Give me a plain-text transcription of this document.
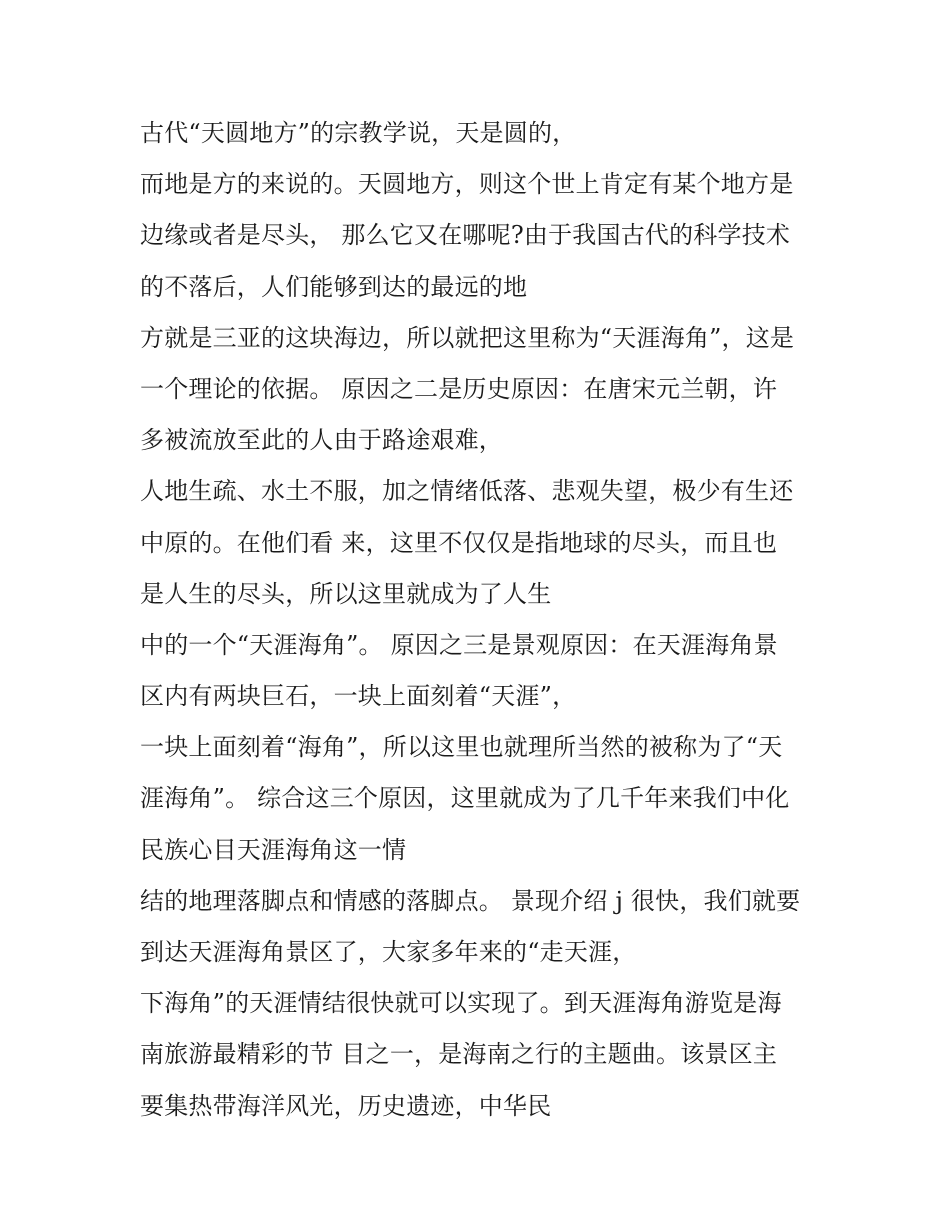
古代“天圆地方”的宗教学说，天是圆的，
而地是方的来说的。天圆地方，则这个世上肯定有某个地方是
边缘或者是尽头， 那么它又在哪呢?由于我国古代的科学技术
的不落后，人们能够到达的最远的地
方就是三亚的这块海边，所以就把这里称为“天涯海角”，这是
一个理论的依据。 原因之二是历史原因：在唐宋元兰朝，许
多被流放至此的人由于路途艰难，
人地生疏、水土不服，加之情绪低落、悲观失望，极少有生还
中原的。在他们看 来，这里不仅仅是指地球的尽头，而且也
是人生的尽头，所以这里就成为了人生
中的一个“天涯海角”。 原因之三是景观原因：在天涯海角景
区内有两块巨石，一块上面刻着“天涯”，
一块上面刻着“海角”，所以这里也就理所当然的被称为了“天
涯海角”。 综合这三个原因，这里就成为了几千年来我们中化
民族心目天涯海角这一情
结的地理落脚点和情感的落脚点。 景现介绍 j 很快，我们就要
到达天涯海角景区了，大家多年来的“走天涯，
下海角”的天涯情结很快就可以实现了。到天涯海角游览是海
南旅游最精彩的节 目之一，是海南之行的主题曲。该景区主
要集热带海洋风光，历史遗迹，中华民
